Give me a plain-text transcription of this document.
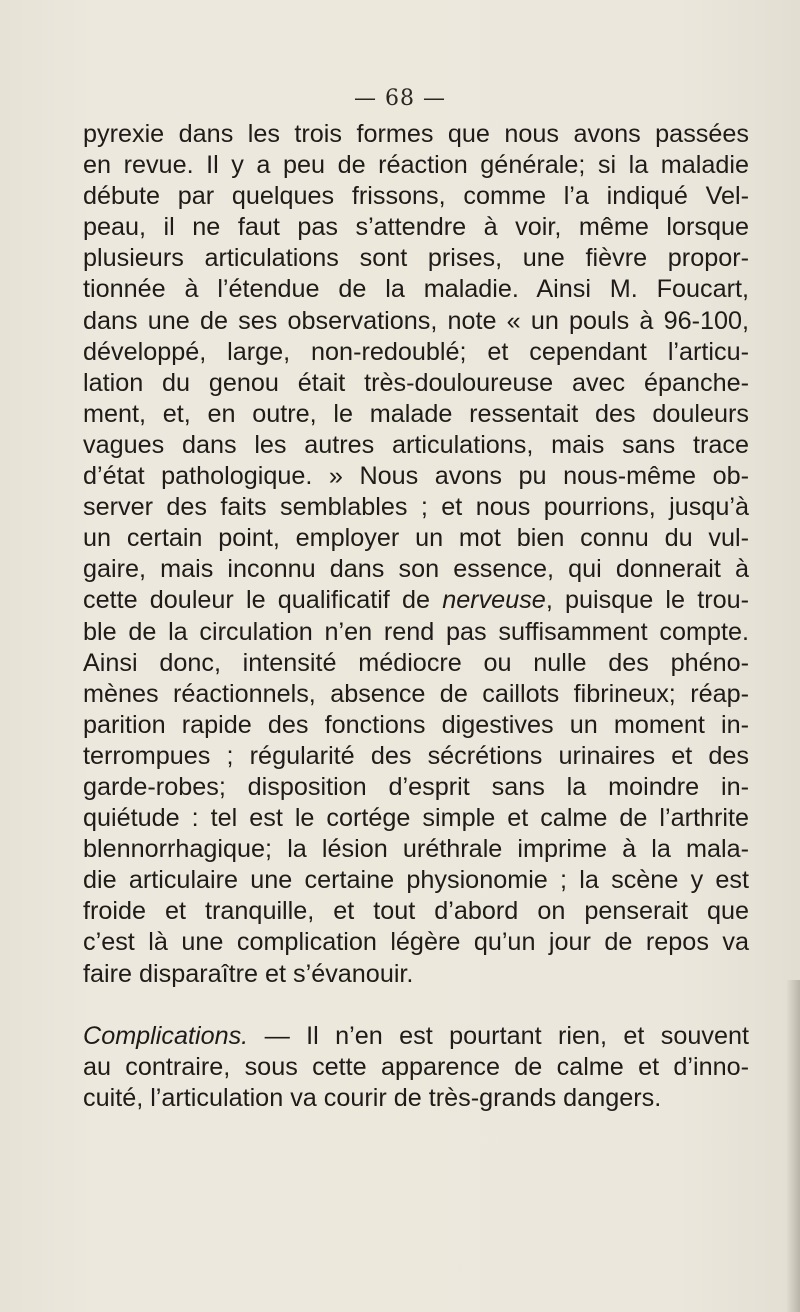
— 68 —
pyrexie dans les trois formes que nous avons passées
en revue. Il y a peu de réaction générale; si la maladie
débute par quelques frissons, comme l’a indiqué Vel-
peau, il ne faut pas s’attendre à voir, même lorsque
plusieurs articulations sont prises, une fièvre propor-
tionnée à l’étendue de la maladie. Ainsi M. Foucart,
dans une de ses observations, note « un pouls à 96-100,
développé, large, non-redoublé; et cependant l’articu-
lation du genou était très-douloureuse avec épanche-
ment, et, en outre, le malade ressentait des douleurs
vagues dans les autres articulations, mais sans trace
d’état pathologique. » Nous avons pu nous-même ob-
server des faits semblables ; et nous pourrions, jusqu’à
un certain point, employer un mot bien connu du vul-
gaire, mais inconnu dans son essence, qui donnerait à
cette douleur le qualificatif de nerveuse, puisque le trou-
ble de la circulation n’en rend pas suffisamment compte.
Ainsi donc, intensité médiocre ou nulle des phéno-
mènes réactionnels, absence de caillots fibrineux; réap-
parition rapide des fonctions digestives un moment in-
terrompues ; régularité des sécrétions urinaires et des
garde-robes; disposition d’esprit sans la moindre in-
quiétude : tel est le cortége simple et calme de l’arthrite
blennorrhagique; la lésion uréthrale imprime à la mala-
die articulaire une certaine physionomie ; la scène y est
froide et tranquille, et tout d’abord on penserait que
c’est là une complication légère qu’un jour de repos va
faire disparaître et s’évanouir.
Complications. — Il n’en est pourtant rien, et souvent
au contraire, sous cette apparence de calme et d’inno-
cuité, l’articulation va courir de très-grands dangers.
